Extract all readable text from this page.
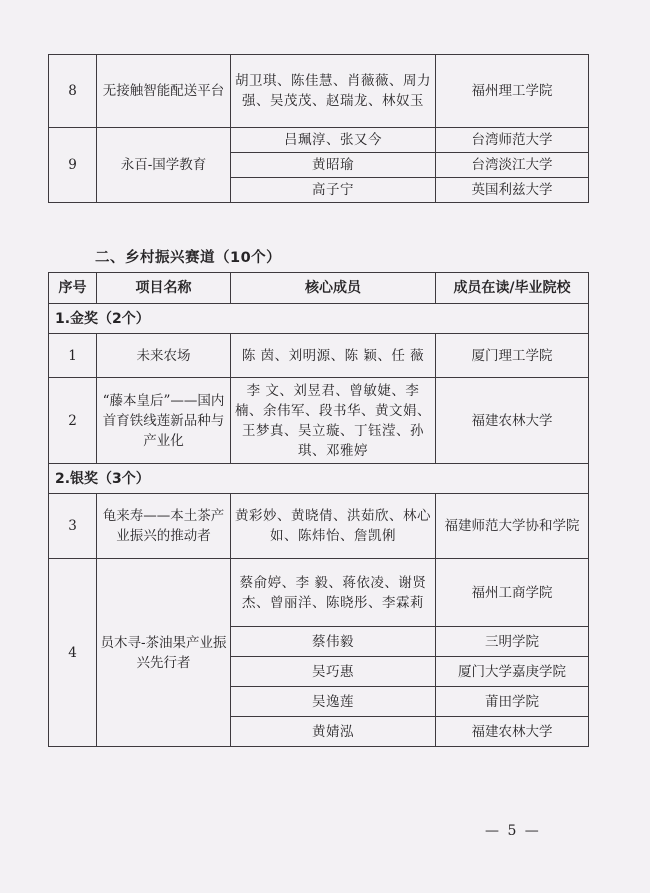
8	无接触智能配送平台	胡卫琪、陈佳慧、肖薇薇、周力强、吴茂茂、赵瑞龙、林奴玉	福州理工学院
9	永百-国学教育	吕珮淳、张又今	台湾师范大学
		黄昭瑜	台湾淡江大学
		高子宁	英国利兹大学
二、乡村振兴赛道（10个）
序号	项目名称	核心成员	成员在读/毕业院校
1.金奖（2个）			
1	未来农场	陈 茵、刘明源、陈 颖、任 薇	厦门理工学院
2	“藤本皇后”——国内首育铁线莲新品种与产业化	李 文、刘昱君、曾敏婕、李 楠、余伟军、段书华、黄文娟、王梦真、吴立璇、丁钰滢、孙 琪、邓雅婷	福建农林大学
2.银奖（3个）			
3	龟来寿——本土茶产业振兴的推动者	黄彩妙、黄晓倩、洪茹欣、林心如、陈炜怡、詹凯俐	福建师范大学协和学院
4	员木寻-茶油果产业振兴先行者	蔡俞婷、李 毅、蒋依凌、谢贤杰、曾丽洋、陈晓彤、李霖莉	福州工商学院
		蔡伟毅	三明学院
		吴巧惠	厦门大学嘉庚学院
		吴逸莲	莆田学院
		黄婧泓	福建农林大学
— 5 —
